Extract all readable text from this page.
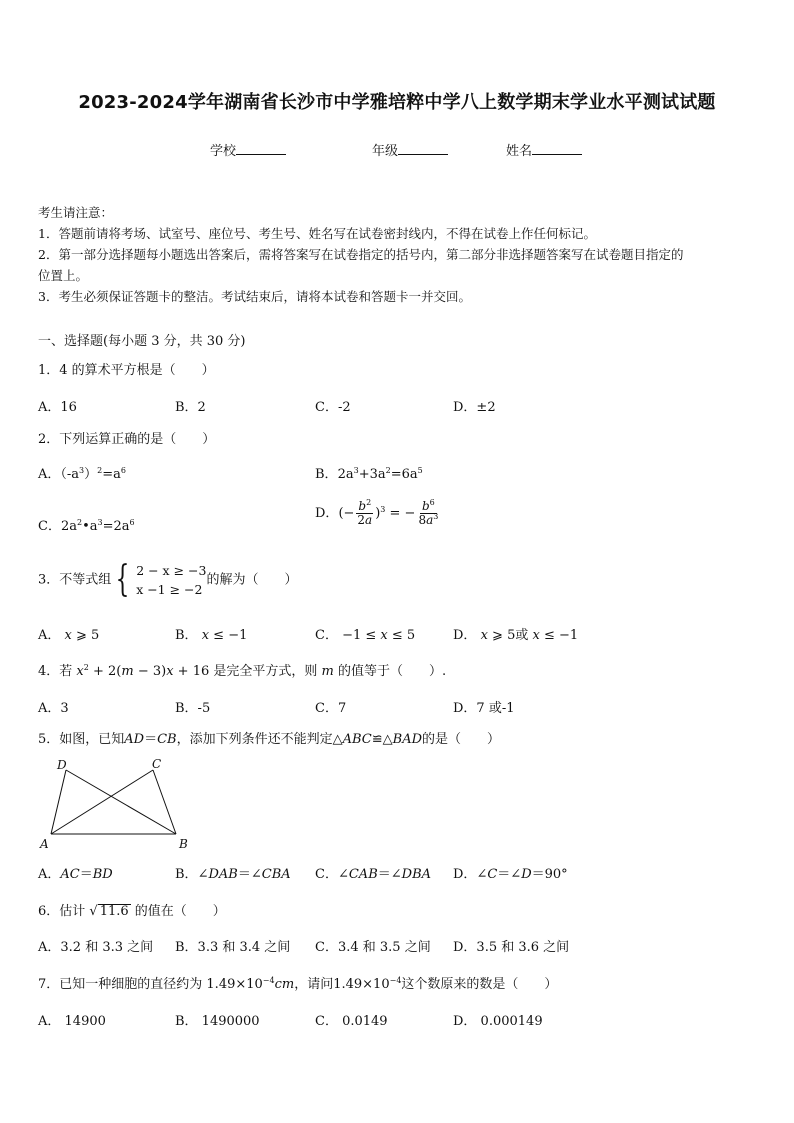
2023-2024学年湖南省长沙市中学雅培粹中学八上数学期末学业水平测试试题
学校	年级	姓名
考生请注意：
1．答题前请将考场、试室号、座位号、考生号、姓名写在试卷密封线内，不得在试卷上作任何标记。
2．第一部分选择题每小题选出答案后，需将答案写在试卷指定的括号内，第二部分非选择题答案写在试卷题目指定的
位置上。
3．考生必须保证答题卡的整洁。考试结束后，请将本试卷和答题卡一并交回。
一、选择题(每小题 3 分，共 30 分)
1．4 的算术平方根是（　　）
A．16	B．2	C．-2	D．±2
2．下列运算正确的是（　　）
A．$(-a^3)^2=a^6$	B．$2a^3+3a^2=6a^5$
C．$2a^2•a^3=2a^6$
D．(− $\frac{b^2}{2a} )^3$ = − $\frac{b^6}{8a^3}$
3．不等式组 { 2 − x ≥ −3
x −1 ≥ −2
的解为（　　）
A． x ⩾ 5	B． x ≤ −1	C． −1 ≤ x ≤ 5	D． x ⩾ 5或 x ≤ −1
4．若 $x^2 + 2(m - 3)x + 16$ 是完全平方式，则 m 的值等于（　　）.
A．3	B．-5	C．7	D．7 或-1
5．如图，已知AD＝CB，添加下列条件还不能判定△ABC≌△BAD的是（　　）
D	C
A	B
A．AC＝BD	B．∠DAB＝∠CBA C．∠CAB＝∠DBA D．∠C＝∠D＝90°
6．估计 √ 11.6 的值在（　　）
A．3.2 和 3.3 之间 B．3.3 和 3.4 之间 C．3.4 和 3.5 之间 D．3.5 和 3.6 之间
7．已知一种细胞的直径约为 $1.49\times 10^{-4}cm$，请问$1.49\times 10^{-4}$这个数原来的数是（　　）
A． 14900	B． 1490000	C． 0.0149	D． 0.000149
